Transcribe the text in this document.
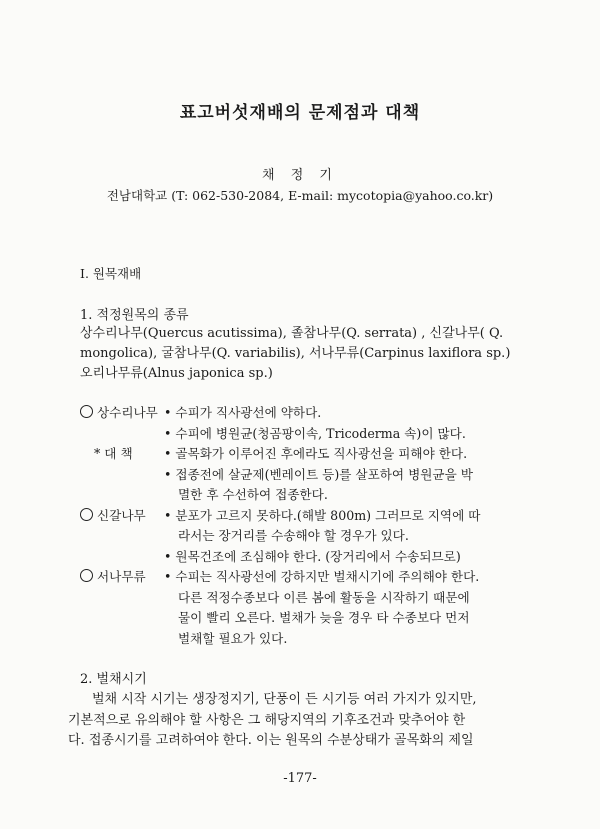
표고버섯재배의 문제점과 대책
채 정 기
전남대학교 (T: 062-530-2084, E-mail: mycotopia@yahoo.co.kr)
Ⅰ. 원목재배
1. 적정원목의 종류

상수리나무(Quercus acutissima), 졸참나무(Q. serrata) , 신갈나무( Q.

mongolica), 굴참나무(Q. variabilis), 서나무류(Carpinus laxiflora sp.)

오리나무류(Alnus japonica sp.)

상수리나무 • 수피가 직사광선에 약하다.
• 수피에 병원균(청곰팡이속, Tricoderma 속)이 많다.
* 대 책 • 골목화가 이루어진 후에라도 직사광선을 피해야 한다.
• 접종전에 살균제(벤레이트 등)를 살포하여 병원균을 박
멸한 후 수선하여 접종한다.
신갈나무 • 분포가 고르지 못하다.(해발 800m) 그러므로 지역에 따
라서는 장거리를 수송해야 할 경우가 있다.
• 원목건조에 조심해야 한다. (장거리에서 수송되므로)
서나무류 • 수피는 직사광선에 강하지만 벌채시기에 주의해야 한다.
다른 적정수종보다 이른 봄에 활동을 시작하기 때문에
물이 빨리 오른다. 벌채가 늦을 경우 타 수종보다 먼저
벌채할 필요가 있다.
2. 벌채시기

벌채 시작 시기는 생장정지기, 단풍이 든 시기등 여러 가지가 있지만,

기본적으로 유의해야 할 사항은 그 해당지역의 기후조건과 맞추어야 한

다. 접종시기를 고려하여야 한다. 이는 원목의 수분상태가 골목화의 제일

-177-
